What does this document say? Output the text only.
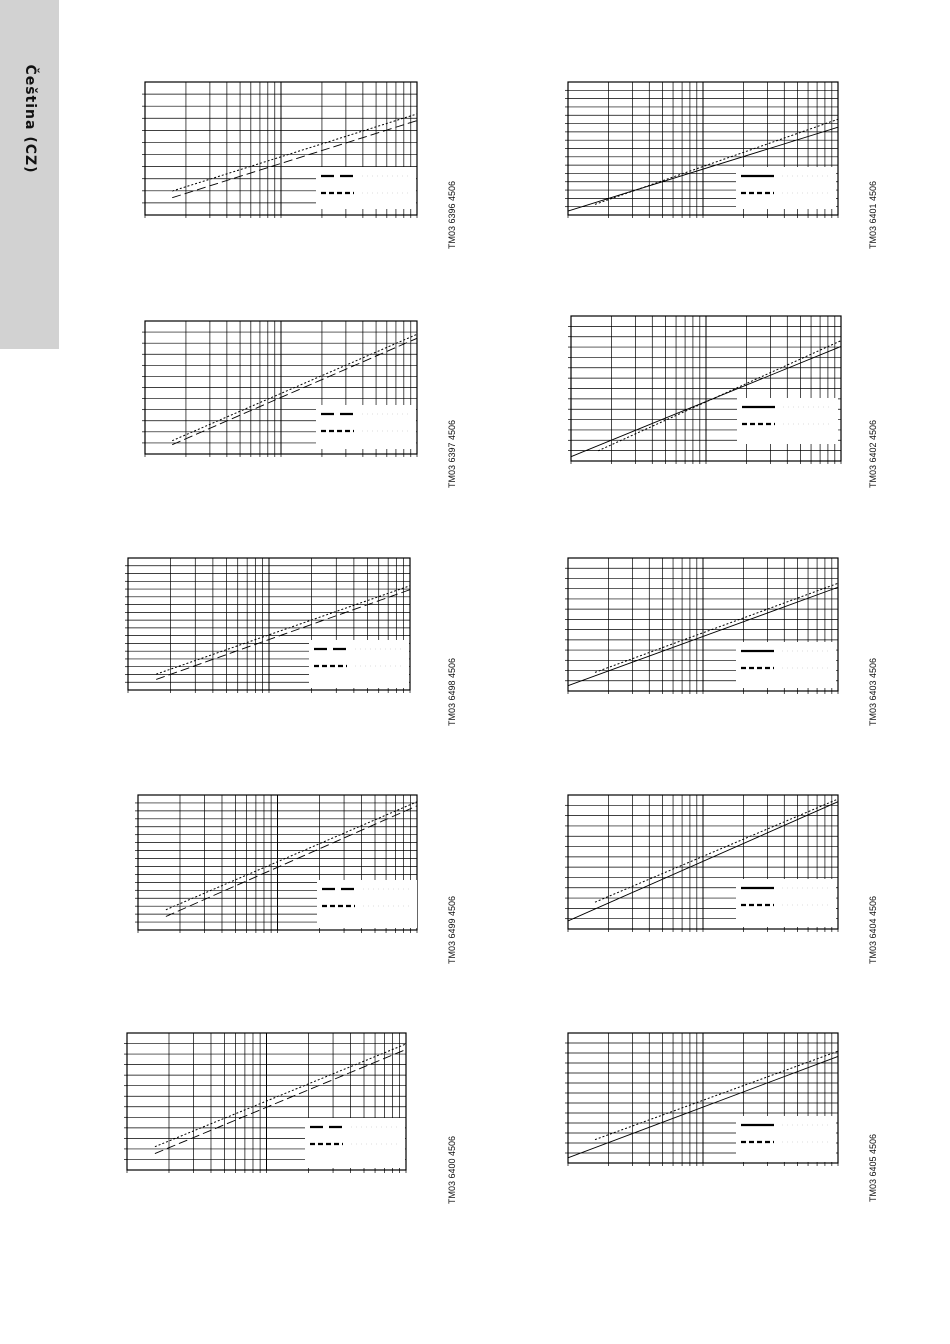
Čeština (CZ)
TM03 6396 4506	TM03 6401 4506
TM03 6397 4506	TM03 6402 4506
TM03 6498 4506	TM03 6403 4506
TM03 6499 4506	TM03 6404 4506
TM03 6400 4506	TM03 6405 4506
